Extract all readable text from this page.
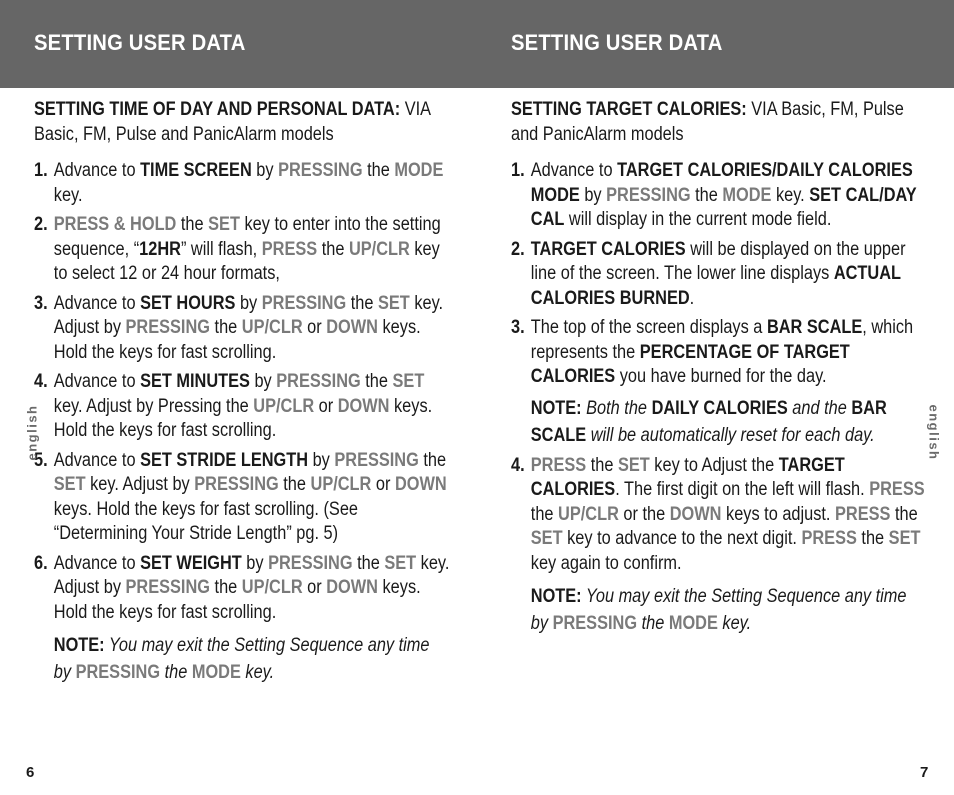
SETTING USER DATA	SETTING USER DATA

SETTING TIME OF DAY AND PERSONAL DATA: VIA Basic, FM, Pulse and PanicAlarm models

1. Advance to TIME SCREEN by PRESSING the MODE key.
2. PRESS & HOLD the SET key to enter into the setting sequence, “12HR” will flash, PRESS the UP/CLR key to select 12 or 24 hour formats,
3. Advance to SET HOURS by PRESSING the SET key. Adjust by PRESSING the UP/CLR or DOWN keys. Hold the keys for fast scrolling.
4. Advance to SET MINUTES by PRESSING the SET key. Adjust by Pressing the UP/CLR or DOWN keys. Hold the keys for fast scrolling.
5. Advance to SET STRIDE LENGTH by PRESSING the SET key. Adjust by PRESSING the UP/CLR or DOWN keys. Hold the keys for fast scrolling. (See “Determining Your Stride Length” pg. 5)
6. Advance to SET WEIGHT by PRESSING the SET key. Adjust by PRESSING the UP/CLR or DOWN keys. Hold the keys for fast scrolling.

NOTE: You may exit the Setting Sequence any time by PRESSING the MODE key.

SETTING TARGET CALORIES: VIA Basic, FM, Pulse and PanicAlarm models

1. Advance to TARGET CALORIES/DAILY CALORIES MODE by PRESSING the MODE key. SET CAL/DAY CAL will display in the current mode field.
2. TARGET CALORIES will be displayed on the upper line of the screen. The lower line displays ACTUAL CALORIES BURNED.
3. The top of the screen displays a BAR SCALE, which represents the PERCENTAGE OF TARGET CALORIES you have burned for the day.

NOTE: Both the DAILY CALORIES and the BAR SCALE will be automatically reset for each day.

4. PRESS the SET key to Adjust the TARGET CALORIES. The first digit on the left will flash. PRESS the UP/CLR or the DOWN keys to adjust. PRESS the SET key to advance to the next digit. PRESS the SET key again to confirm.

NOTE: You may exit the Setting Sequence any time by PRESSING the MODE key.

english	english
6	7
